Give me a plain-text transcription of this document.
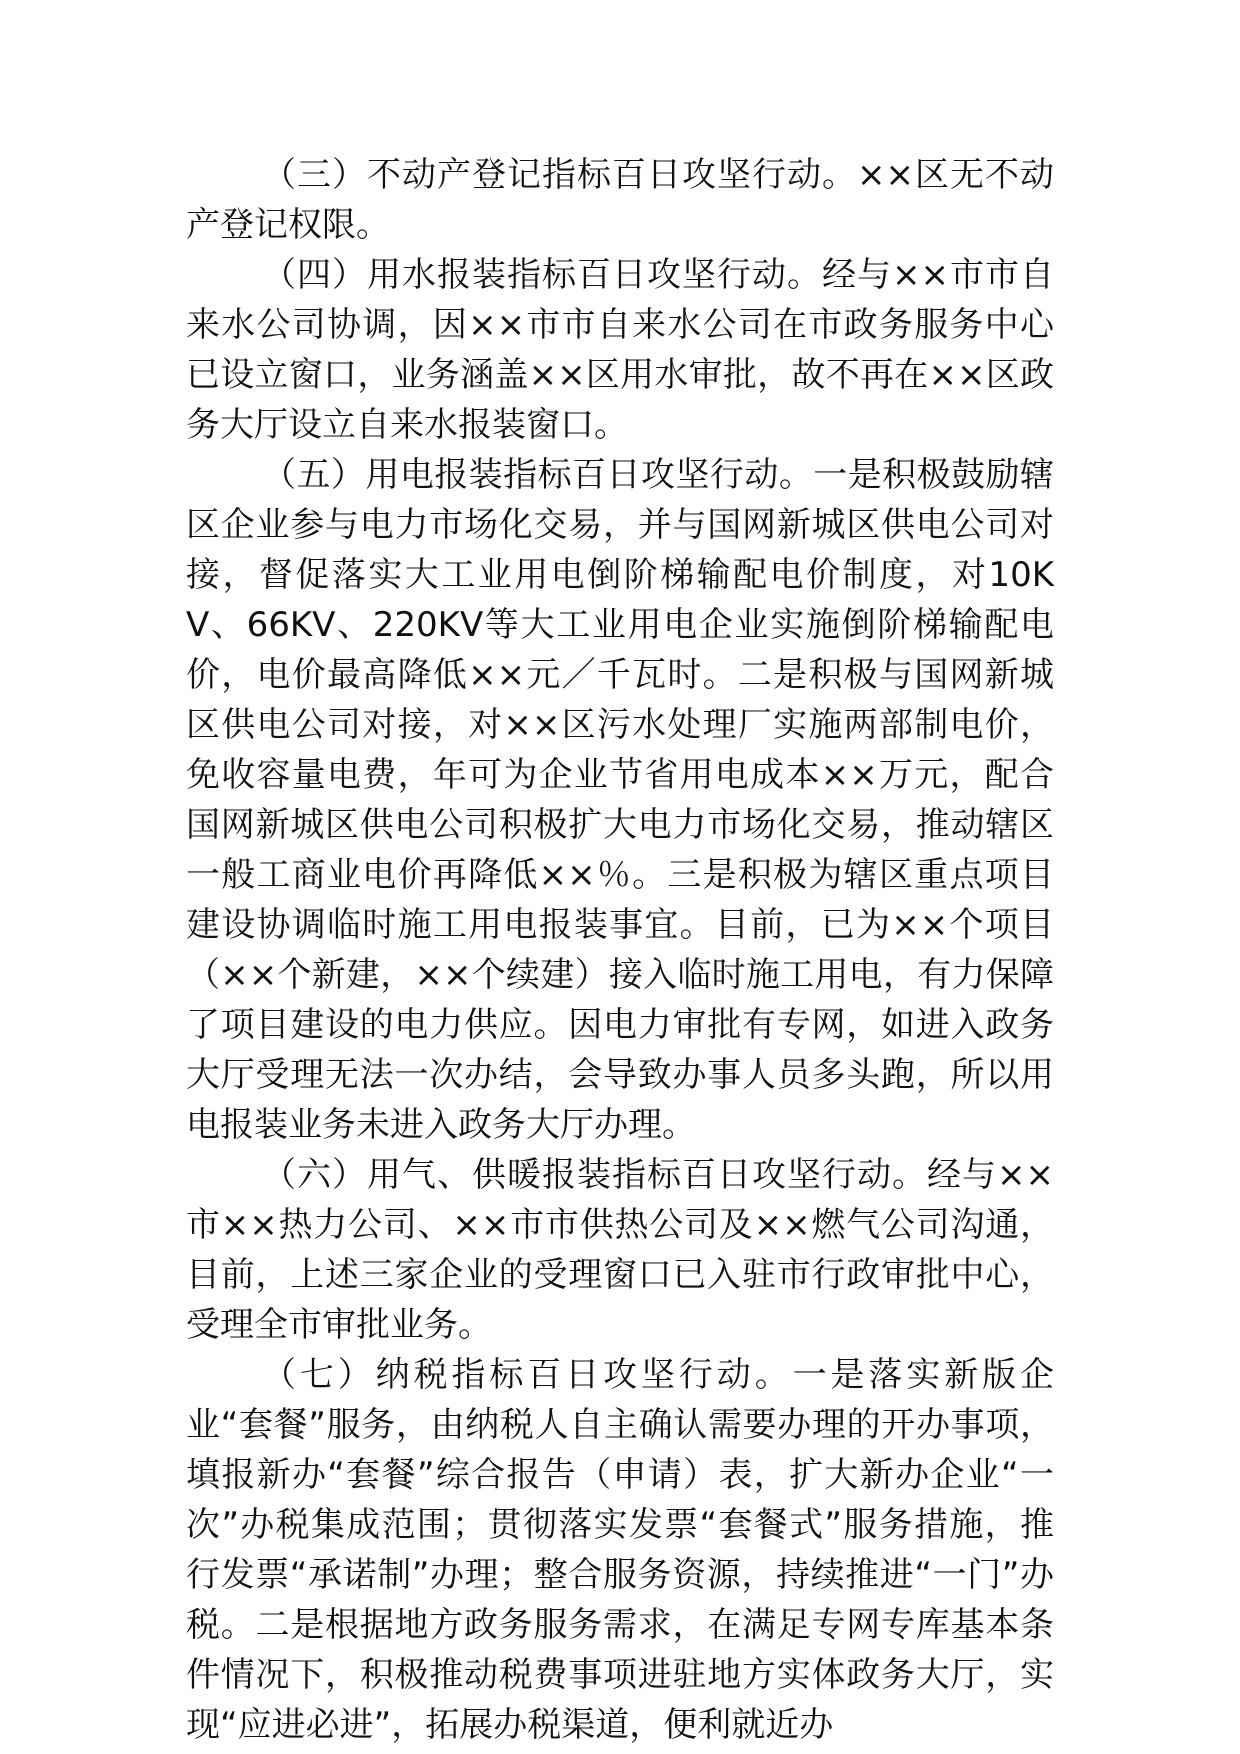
（三）不动产登记指标百日攻坚行动。××区无不动产登记权限。

（四）用水报装指标百日攻坚行动。经与××市市自来水公司协调，因××市市自来水公司在市政务服务中心已设立窗口，业务涵盖××区用水审批，故不再在××区政务大厅设立自来水报装窗口。

（五）用电报装指标百日攻坚行动。一是积极鼓励辖区企业参与电力市场化交易，并与国网新城区供电公司对接，督促落实大工业用电倒阶梯输配电价制度，对10KV、66KV、220KV等大工业用电企业实施倒阶梯输配电价，电价最高降低××元／千瓦时。二是积极与国网新城区供电公司对接，对××区污水处理厂实施两部制电价，免收容量电费，年可为企业节省用电成本××万元，配合国网新城区供电公司积极扩大电力市场化交易，推动辖区一般工商业电价再降低××％。三是积极为辖区重点项目建设协调临时施工用电报装事宜。目前，已为××个项目（××个新建，××个续建）接入临时施工用电，有力保障了项目建设的电力供应。因电力审批有专网，如进入政务大厅受理无法一次办结，会导致办事人员多头跑，所以用电报装业务未进入政务大厅办理。

（六）用气、供暖报装指标百日攻坚行动。经与××市××热力公司、××市市供热公司及××燃气公司沟通，目前，上述三家企业的受理窗口已入驻市行政审批中心，受理全市审批业务。

（七）纳税指标百日攻坚行动。一是落实新版企业“套餐”服务，由纳税人自主确认需要办理的开办事项，填报新办“套餐”综合报告（申请）表，扩大新办企业“一次”办税集成范围；贯彻落实发票“套餐式”服务措施，推行发票“承诺制”办理；整合服务资源，持续推进“一门”办税。二是根据地方政务服务需求，在满足专网专库基本条件情况下，积极推动税费事项进驻地方实体政务大厅，实现“应进必进”，拓展办税渠道，便利就近办
